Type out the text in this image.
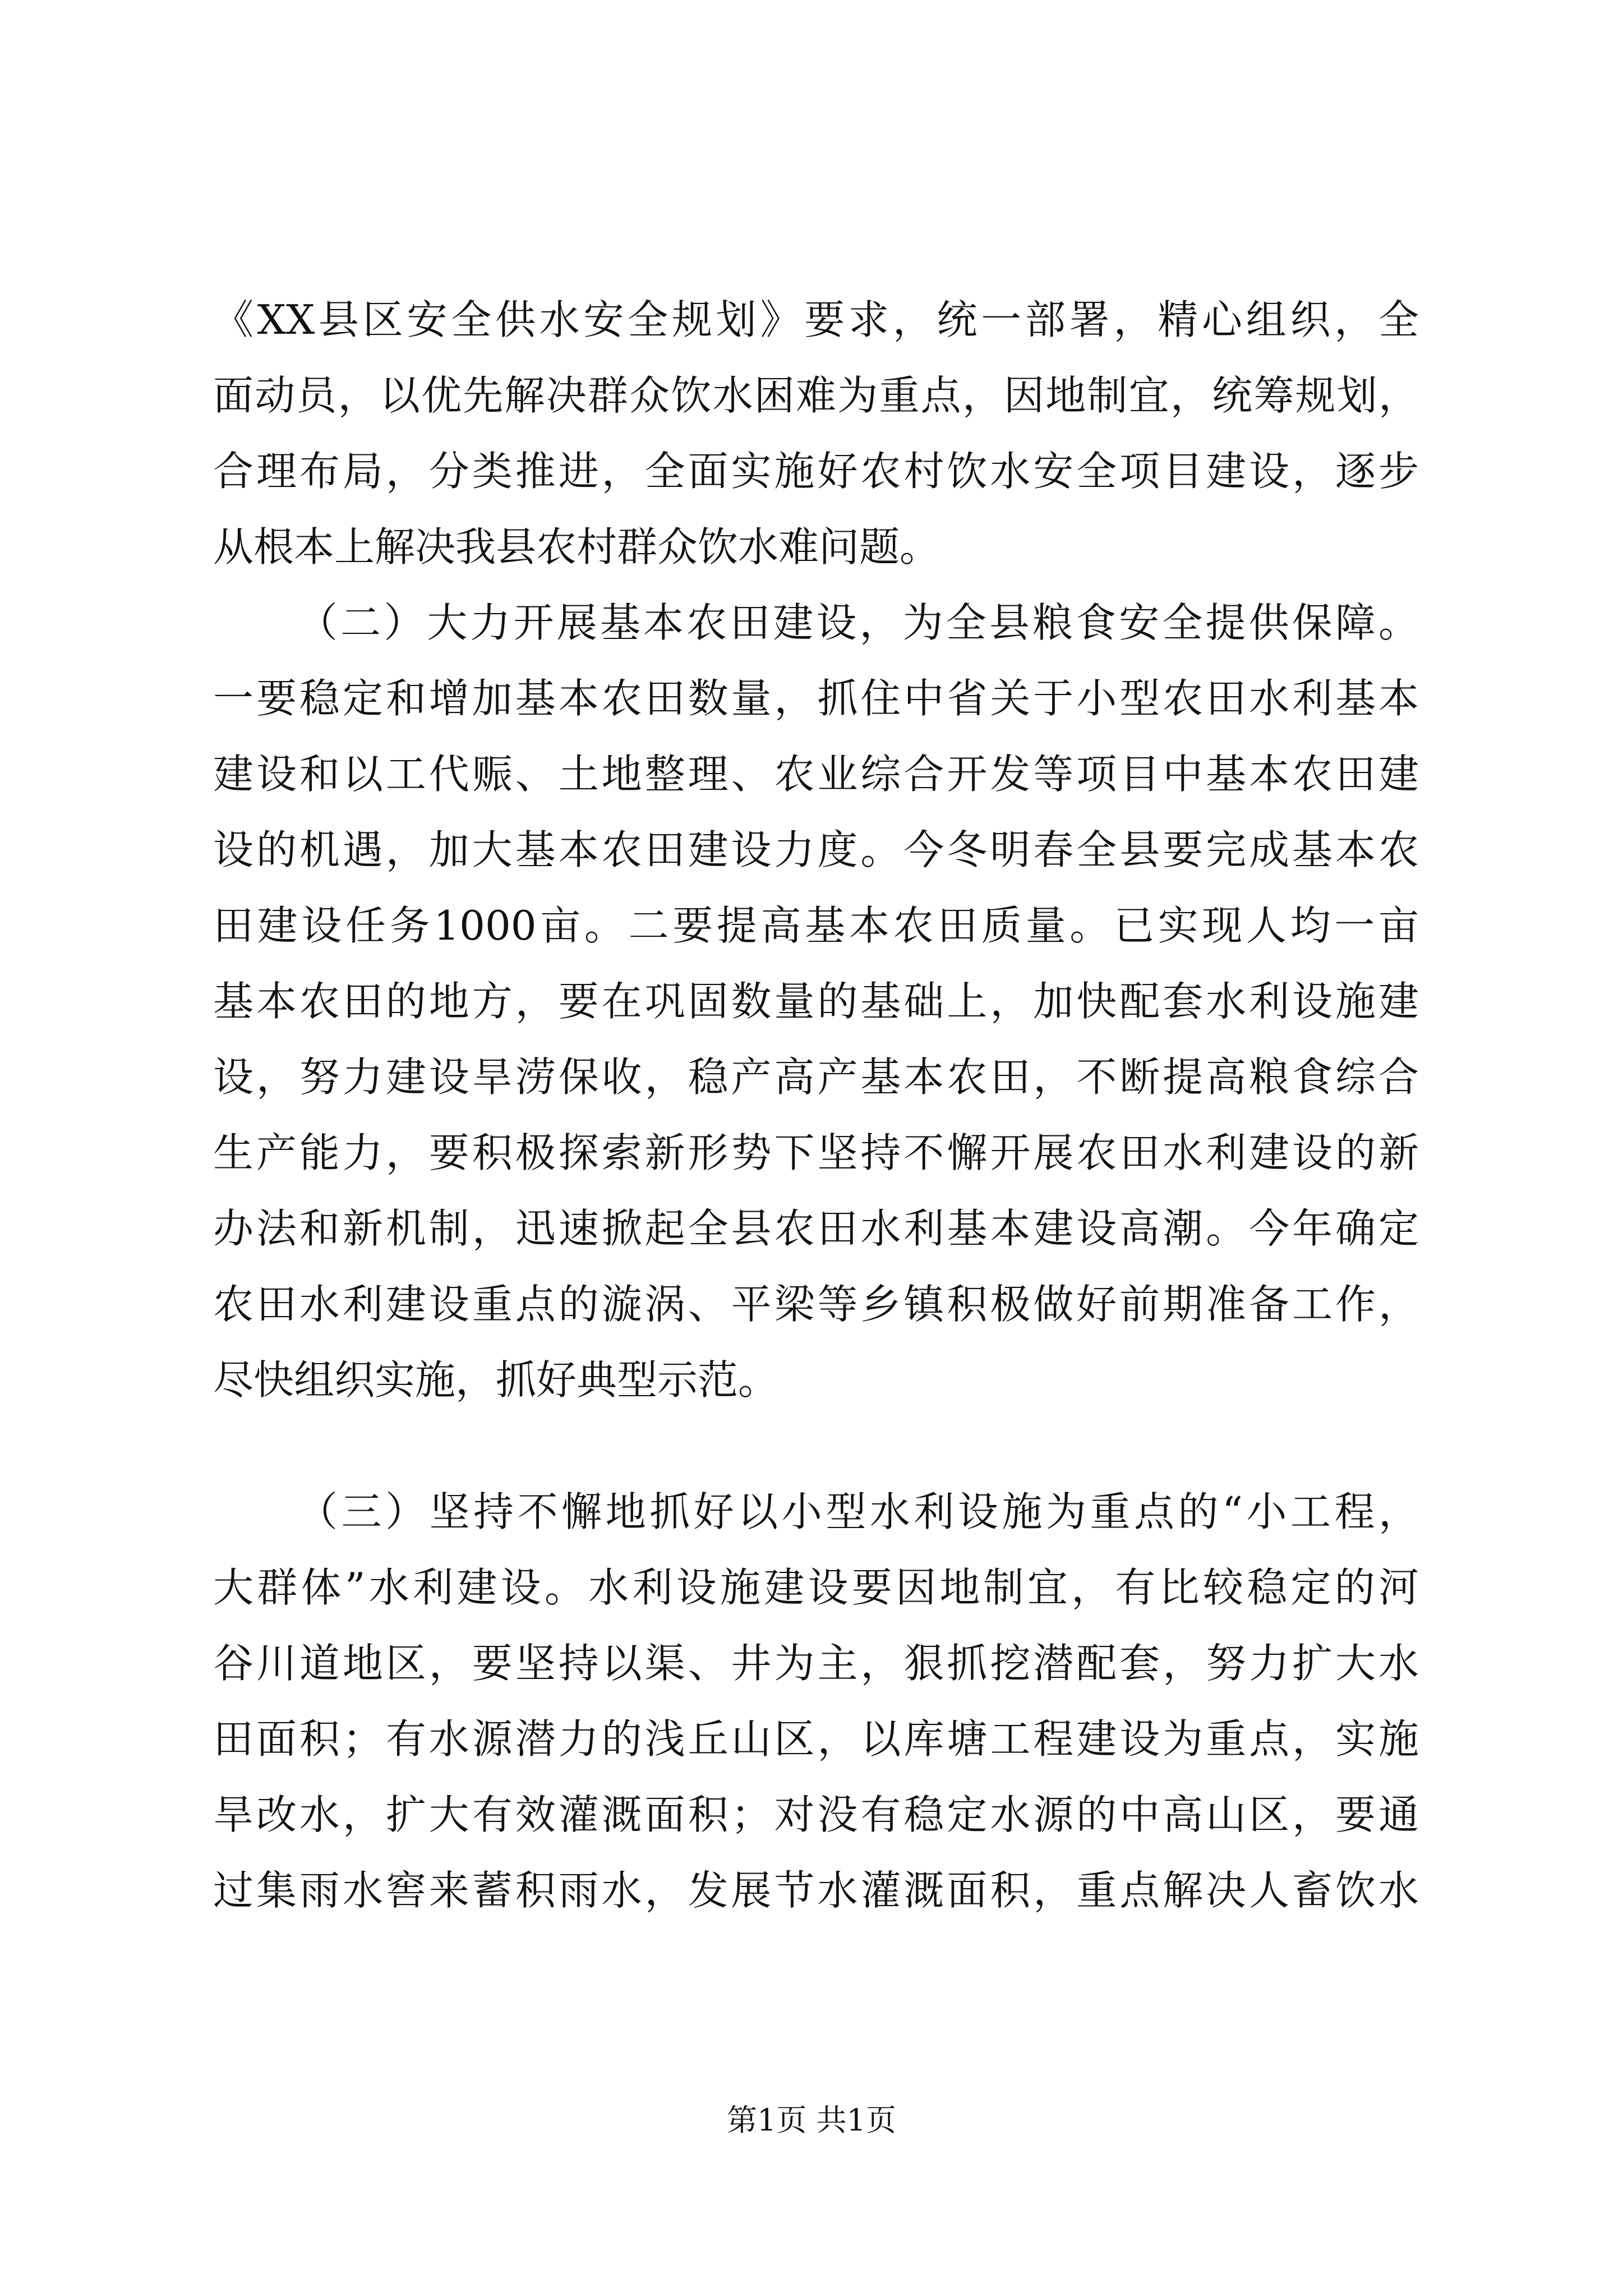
《XX县区安全供水安全规划》要求，统一部署，精心组织，全
面动员，以优先解决群众饮水困难为重点，因地制宜，统筹规划，
合理布局，分类推进，全面实施好农村饮水安全项目建设，逐步
从根本上解决我县农村群众饮水难问题。
（二）大力开展基本农田建设，为全县粮食安全提供保障。
一要稳定和增加基本农田数量，抓住中省关于小型农田水利基本
建设和以工代赈、土地整理、农业综合开发等项目中基本农田建
设的机遇，加大基本农田建设力度。今冬明春全县要完成基本农
田建设任务1000亩。二要提高基本农田质量。已实现人均一亩
基本农田的地方，要在巩固数量的基础上，加快配套水利设施建
设，努力建设旱涝保收，稳产高产基本农田，不断提高粮食综合
生产能力，要积极探索新形势下坚持不懈开展农田水利建设的新
办法和新机制，迅速掀起全县农田水利基本建设高潮。今年确定
农田水利建设重点的漩涡、平梁等乡镇积极做好前期准备工作，
尽快组织实施，抓好典型示范。
（三）坚持不懈地抓好以小型水利设施为重点的“小工程，
大群体”水利建设。水利设施建设要因地制宜，有比较稳定的河
谷川道地区，要坚持以渠、井为主，狠抓挖潜配套，努力扩大水
田面积；有水源潜力的浅丘山区，以库塘工程建设为重点，实施
旱改水，扩大有效灌溉面积；对没有稳定水源的中高山区，要通
过集雨水窖来蓄积雨水，发展节水灌溉面积，重点解决人畜饮水
第1页 共1页
